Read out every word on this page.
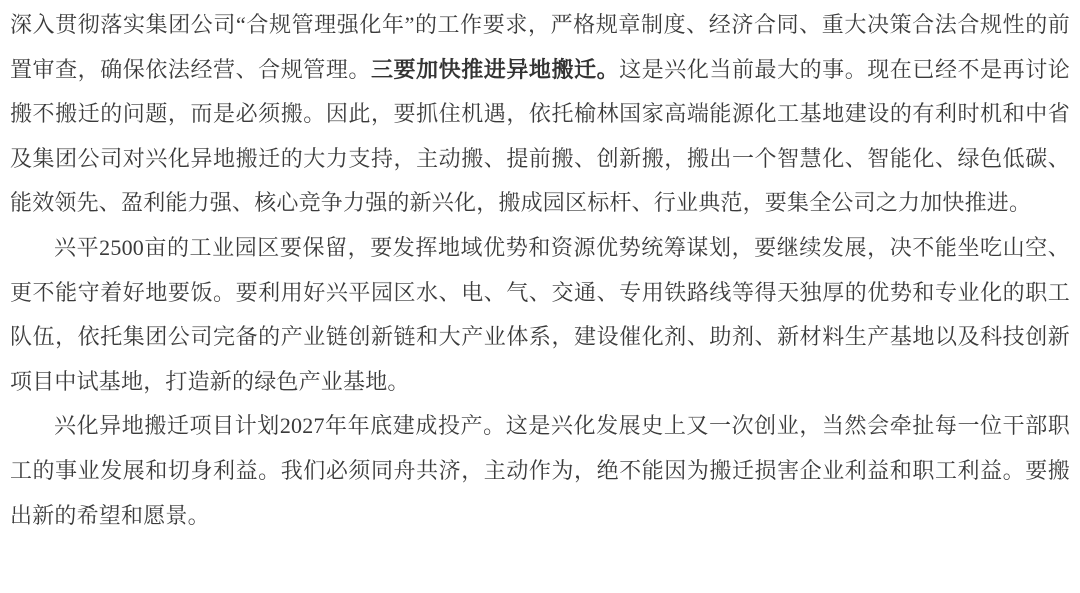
深入贯彻落实集团公司“合规管理强化年”的工作要求，严格规章制度、经济合同、重大决策合法合规性的前置审查，确保依法经营、合规管理。三要加快推进异地搬迁。这是兴化当前最大的事。现在已经不是再讨论搬不搬迁的问题，而是必须搬。因此，要抓住机遇，依托榆林国家高端能源化工基地建设的有利时机和中省及集团公司对兴化异地搬迁的大力支持，主动搬、提前搬、创新搬，搬出一个智慧化、智能化、绿色低碳、能效领先、盈利能力强、核心竞争力强的新兴化，搬成园区标杆、行业典范，要集全公司之力加快推进。

兴平2500亩的工业园区要保留，要发挥地域优势和资源优势统筹谋划，要继续发展，决不能坐吃山空、更不能守着好地要饭。要利用好兴平园区水、电、气、交通、专用铁路线等得天独厚的优势和专业化的职工队伍，依托集团公司完备的产业链创新链和大产业体系，建设催化剂、助剂、新材料生产基地以及科技创新项目中试基地，打造新的绿色产业基地。

兴化异地搬迁项目计划2027年年底建成投产。这是兴化发展史上又一次创业，当然会牵扯每一位干部职工的事业发展和切身利益。我们必须同舟共济，主动作为，绝不能因为搬迁损害企业利益和职工利益。要搬出新的希望和愿景。
